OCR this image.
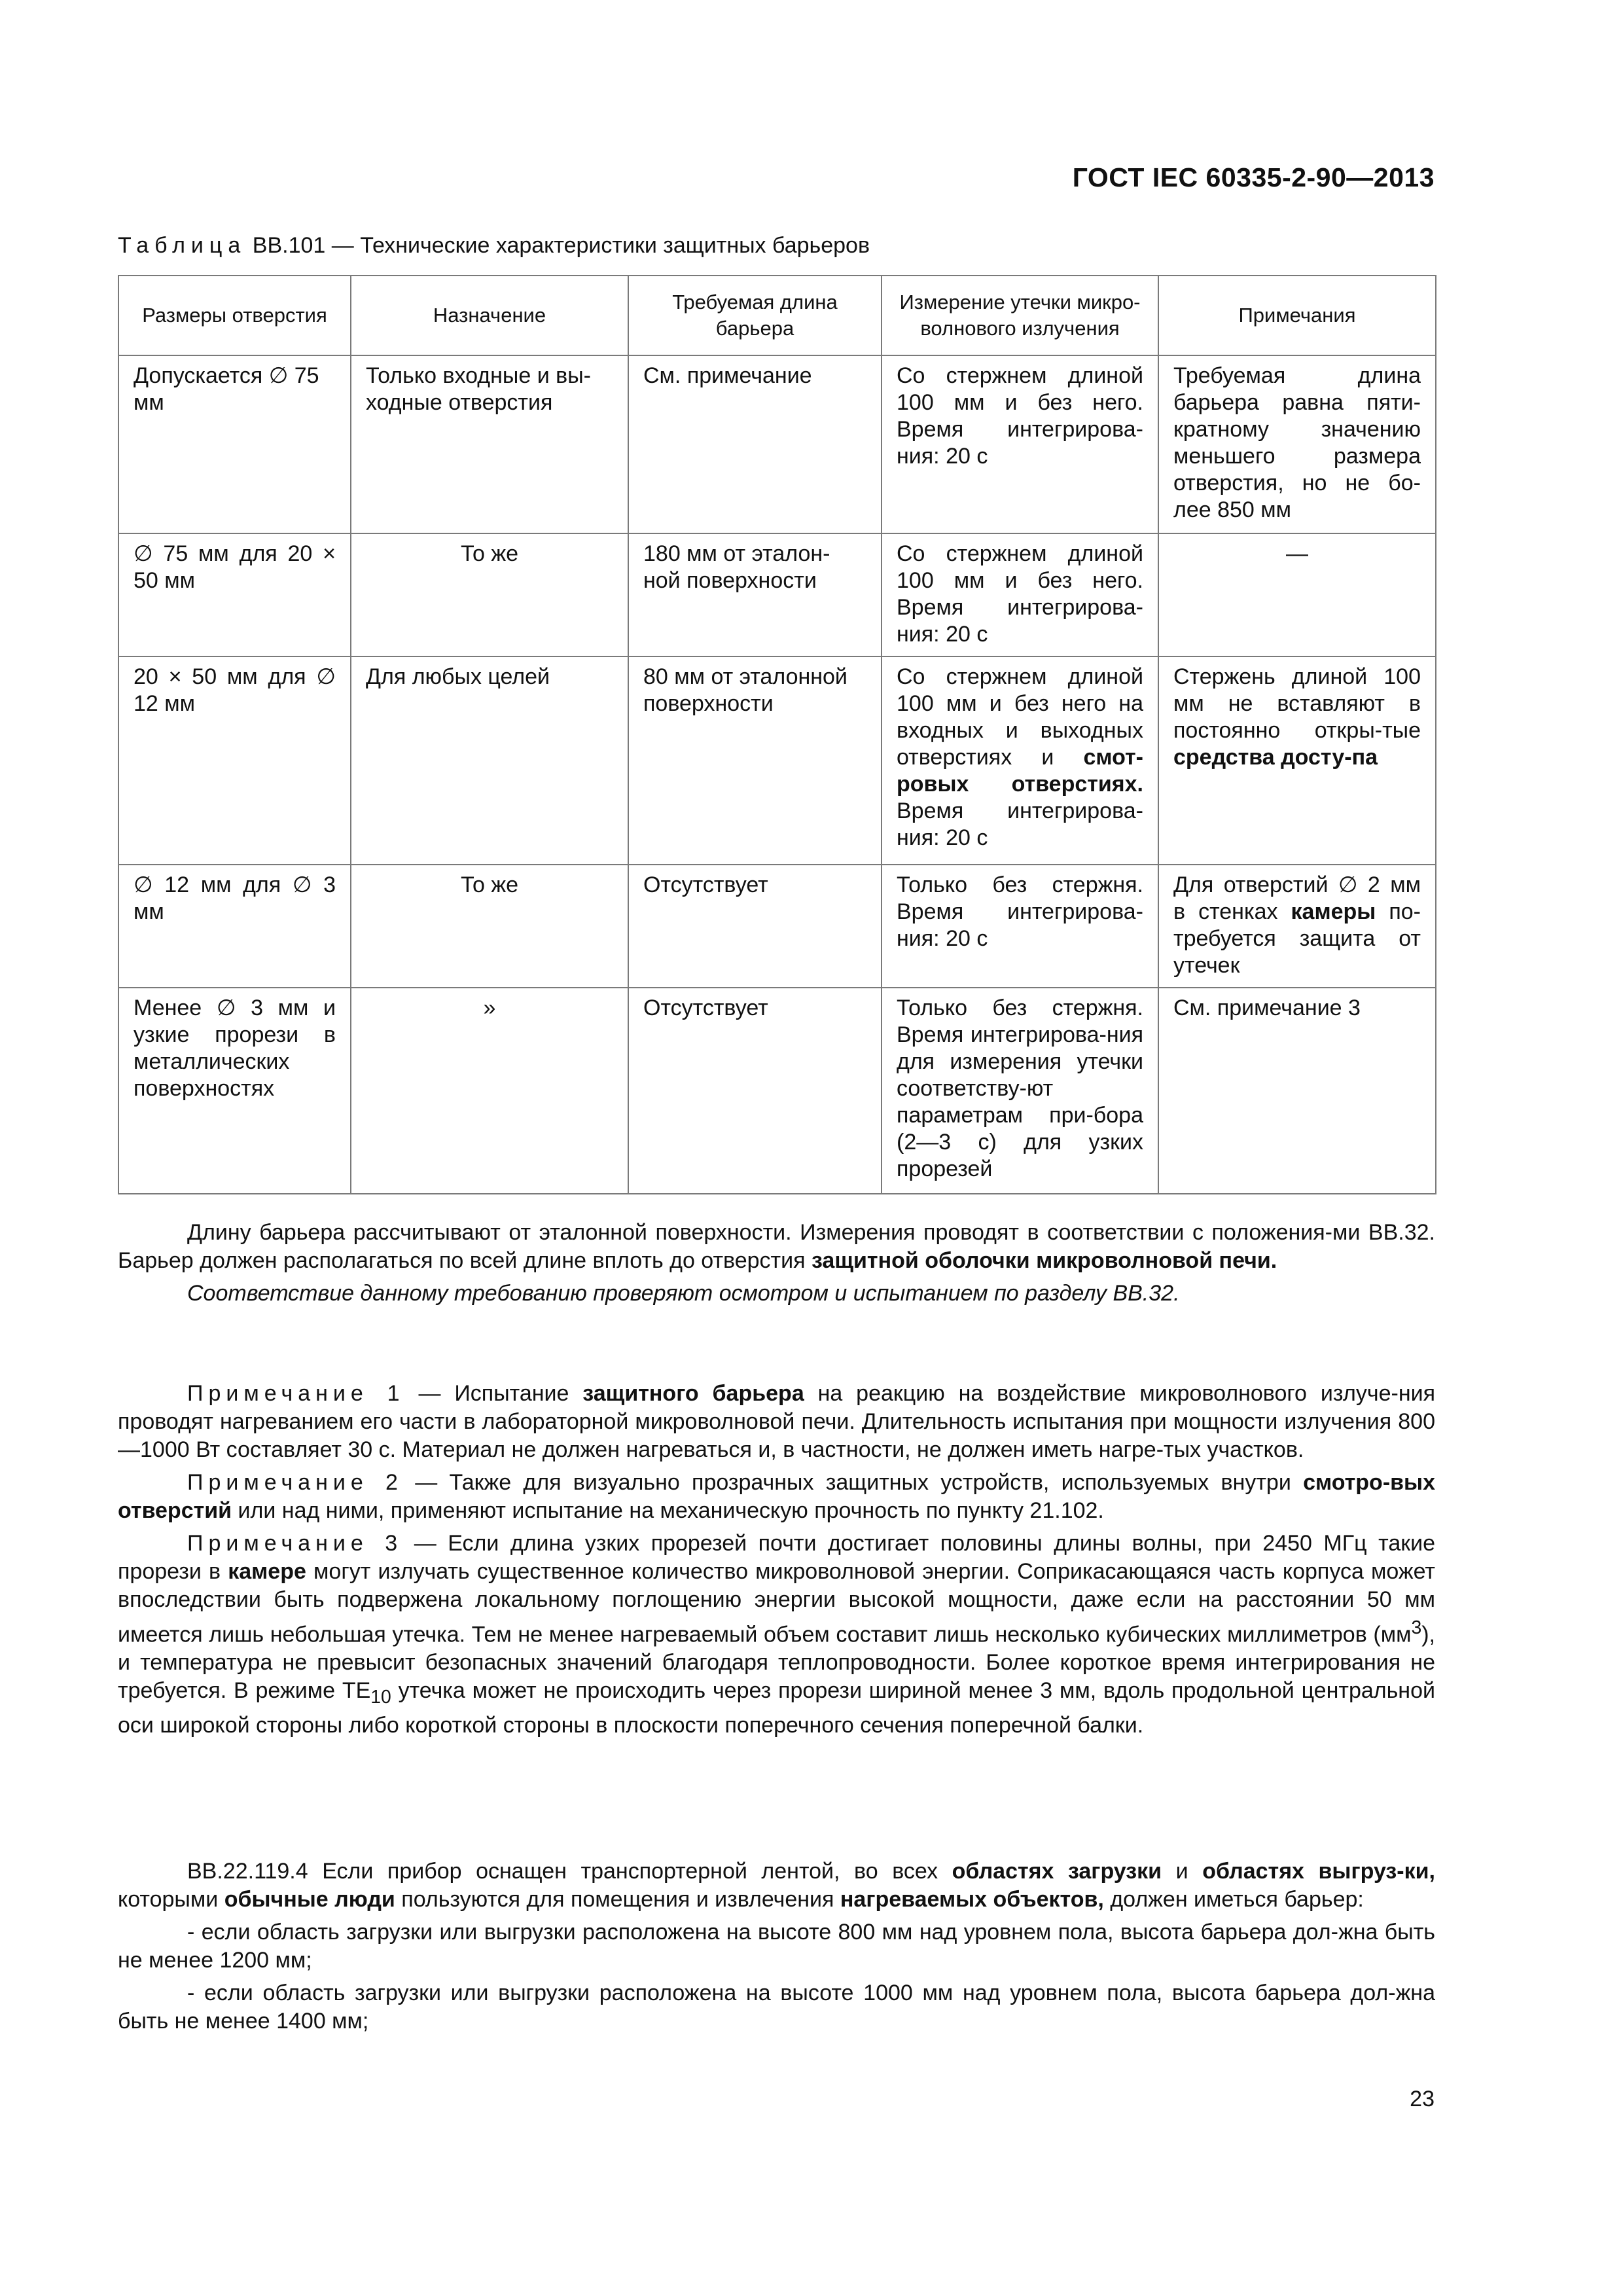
ГОСТ IEC 60335-2-90—2013
Таблица BB.101 — Технические характеристики защитных барьеров
Размеры отверстия	Назначение	Требуемая длина барьера	Измерение утечки микро-волнового излучения	Примечания
Допускается ∅ 75 мм	Только входные и вы-ходные отверстия	См. примечание	Со стержнем длиной 100 мм и без него. Время интегрирова-ния: 20 с	Требуемая длина барьера равна пяти-кратному значению меньшего размера отверстия, но не бо-лее 850 мм
∅ 75 мм для 20 × 50 мм	То же	180 мм от эталон-ной поверхности	Со стержнем длиной 100 мм и без него. Время интегрирова-ния: 20 с	—
20 × 50 мм для ∅ 12 мм	Для любых целей	80 мм от эталонной поверхности	Со стержнем длиной 100 мм и без него на входных и выходных отверстиях и смот-ровых отверстиях. Время интегрирова-ния: 20 с	Стержень длиной 100 мм не вставляют в постоянно откры-тые средства досту-па
∅ 12 мм для ∅ 3 мм	То же	Отсутствует	Только без стержня. Время интегрирова-ния: 20 с	Для отверстий ∅ 2 мм в стенках камеры по-требуется защита от утечек
Менее ∅ 3 мм и узкие прорези в металлических поверхностях	»	Отсутствует	Только без стержня. Время интегрирова-ния для измерения утечки соответству-ют параметрам при-бора (2—3 с) для узких прорезей	См. примечание 3

Длину барьера рассчитывают от эталонной поверхности. Измерения проводят в соответствии с положения-ми BB.32. Барьер должен располагаться по всей длине вплоть до отверстия защитной оболочки микроволновой печи.

Соответствие данному требованию проверяют осмотром и испытанием по разделу BB.32.

Примечание 1 — Испытание защитного барьера на реакцию на воздействие микроволнового излуче-ния проводят нагреванием его части в лабораторной микроволновой печи. Длительность испытания при мощности излучения 800—1000 Вт составляет 30 с. Материал не должен нагреваться и, в частности, не должен иметь нагре-тых участков.

Примечание 2 — Также для визуально прозрачных защитных устройств, используемых внутри смотро-вых отверстий или над ними, применяют испытание на механическую прочность по пункту 21.102.

Примечание 3 — Если длина узких прорезей почти достигает половины длины волны, при 2450 МГц такие прорези в камере могут излучать существенное количество микроволновой энергии. Соприкасающаяся часть корпуса может впоследствии быть подвержена локальному поглощению энергии высокой мощности, даже если на расстоянии 50 мм имеется лишь небольшая утечка. Тем не менее нагреваемый объем составит лишь несколько кубических миллиметров $(мм^3)$, и температура не превысит безопасных значений благодаря теплопроводности. Более короткое время интегрирования не требуется. В режиме $ТЕ_{10}$ утечка может не происходить через прорези шириной менее 3 мм, вдоль продольной центральной оси широкой стороны либо короткой стороны в плоскости поперечного сечения поперечной балки.

BB.22.119.4 Если прибор оснащен транспортерной лентой, во всех областях загрузки и областях выгруз-ки, которыми обычные люди пользуются для помещения и извлечения нагреваемых объектов, должен иметься барьер:

- если область загрузки или выгрузки расположена на высоте 800 мм над уровнем пола, высота барьера дол-жна быть не менее 1200 мм;

- если область загрузки или выгрузки расположена на высоте 1000 мм над уровнем пола, высота барьера дол-жна быть не менее 1400 мм;

23
